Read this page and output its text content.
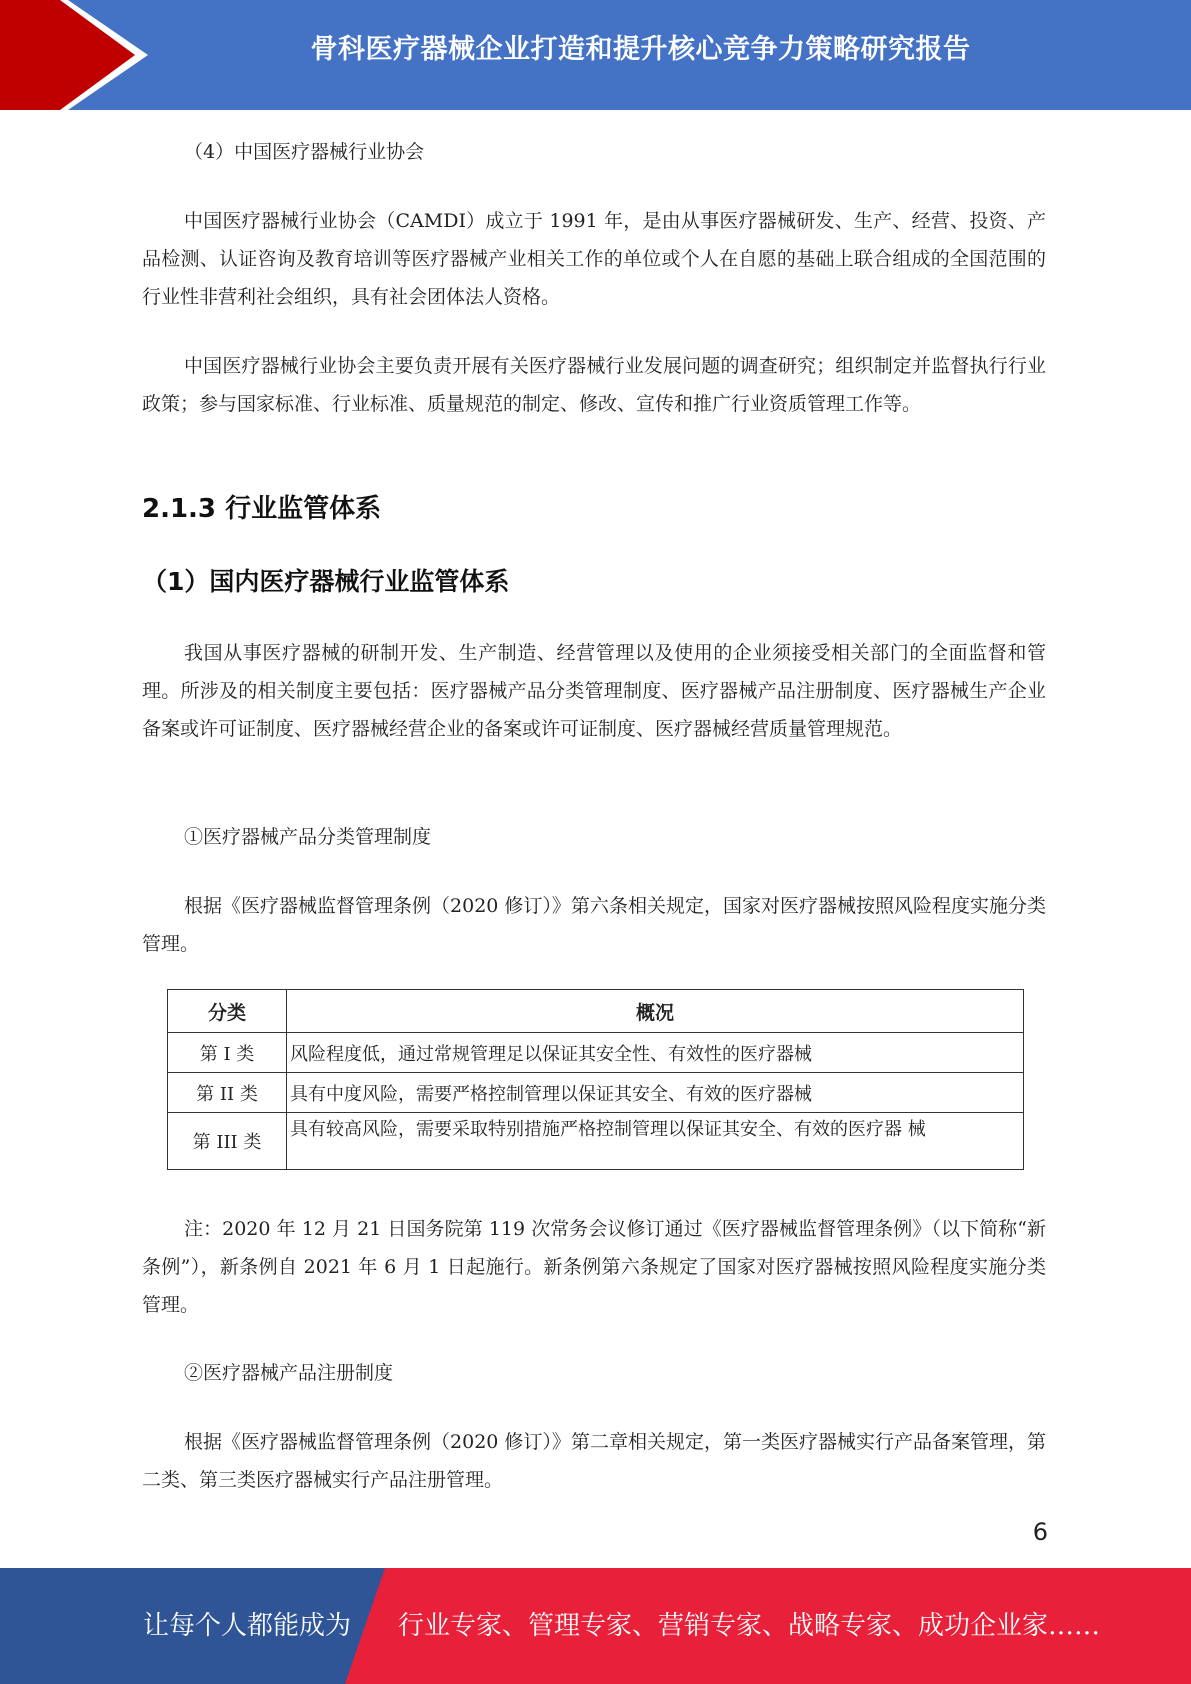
骨科医疗器械企业打造和提升核心竞争力策略研究报告

（4）中国医疗器械行业协会

中国医疗器械行业协会（CAMDI）成立于 1991 年，是由从事医疗器械研发、生产、经营、投资、产品检测、认证咨询及教育培训等医疗器械产业相关工作的单位或个人在自愿的基础上联合组成的全国范围的行业性非营利社会组织，具有社会团体法人资格。

中国医疗器械行业协会主要负责开展有关医疗器械行业发展问题的调查研究；组织制定并监督执行行业政策；参与国家标准、行业标准、质量规范的制定、修改、宣传和推广行业资质管理工作等。

2.1.3 行业监管体系
（1）国内医疗器械行业监管体系

我国从事医疗器械的研制开发、生产制造、经营管理以及使用的企业须接受相关部门的全面监督和管理。所涉及的相关制度主要包括：医疗器械产品分类管理制度、医疗器械产品注册制度、医疗器械生产企业备案或许可证制度、医疗器械经营企业的备案或许可证制度、医疗器械经营质量管理规范。

①医疗器械产品分类管理制度

根据《医疗器械监督管理条例（2020 修订）》第六条相关规定，国家对医疗器械按照风险程度实施分类管理。

分类	概况
第 I 类	风险程度低，通过常规管理足以保证其安全性、有效性的医疗器械
第 II 类	具有中度风险，需要严格控制管理以保证其安全、有效的医疗器械
第 III 类	具有较高风险，需要采取特别措施严格控制管理以保证其安全、有效的医疗器 械

注：2020 年 12 月 21 日国务院第 119 次常务会议修订通过《医疗器械监督管理条例》（以下简称“新条例”），新条例自 2021 年 6 月 1 日起施行。新条例第六条规定了国家对医疗器械按照风险程度实施分类管理。

②医疗器械产品注册制度

根据《医疗器械监督管理条例（2020 修订）》第二章相关规定，第一类医疗器械实行产品备案管理，第二类、第三类医疗器械实行产品注册管理。

6
让每个人都能成为 行业专家、管理专家、营销专家、战略专家、成功企业家……
